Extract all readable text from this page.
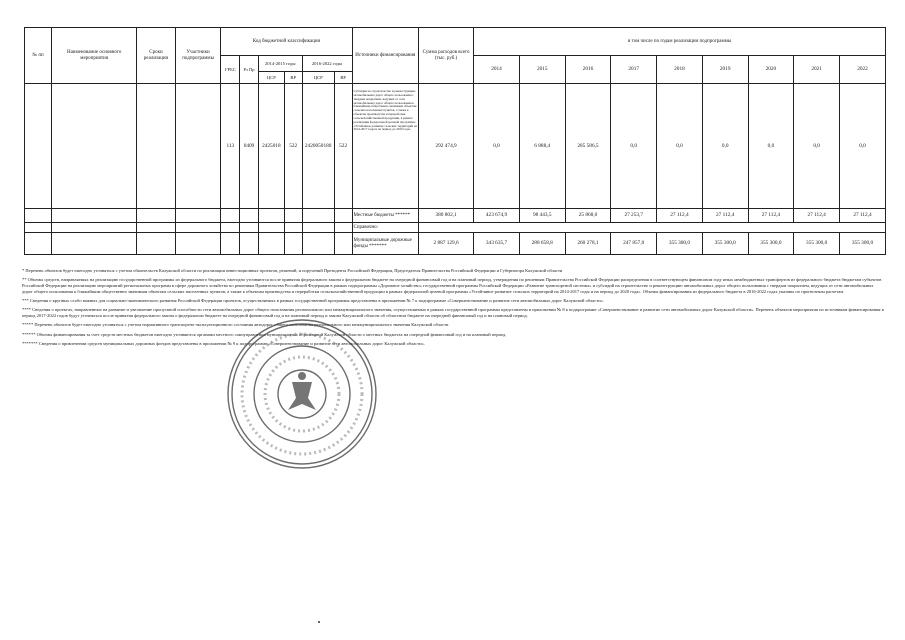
№ пп	Наименование основного мероприятия	Сроки реализации	Участники подпрограммы	Код бюджетной классификации						Источники финансирования	Сумма расходов всего (тыс. руб.)	в том числе по годам реализации подпрограммы								
				ГРБС	Рз Пр	2014-2015 годы		2016-2022 годы				2014	2015	2016	2017	2018	2019	2020	2021	2022
						ЦСР	ВР	ЦСР	ВР											
				113	0409	2425018	522	2420050180	522	Субсидии на строительство и реконструкцию автомобильных дорог общего пользования с твердым покрытием, ведущих от сети автомобильных дорог общего пользования к ближайшим общественно значимым объектам сельских населенных пунктов, а также к объектам производства и переработки сельскохозяйственной продукции, в рамках реализации федеральной целевой программы «Устойчивое развитие сельских территорий на 2014-2017 годы и на период до 2020 года»	292 474,9	0,0	6 888,4	285 586,5	0,0	0,0	0,0	0,0	0,0	0,0
										Местные бюджеты ******	380 802,1	423 674,9	98 443,5	25 868,0	27 253,7	27 112,4	27 112,4	27 112,4	27 112,4	27 112,4
										Справочно:										
										Муниципальные дорожные фонды *******	2 887 129,6	343 635,7	288 658,8	260 278,1	247 857,0	355 300,0	355 300,0	355 300,0	355 300,0	355 300,0

* Перечень объектов будет ежегодно уточняться с учетом обязательств Калужской области по реализации инвестиционных проектов, решений, и поручений Президента Российской Федерации, Председателя Правительства Российской Федерации и Губернатора Калужской области

** Объемы средств, направляемых на реализацию государственной программы из федерального бюджета, ежегодно уточняются после принятия федерального закона о федеральном бюджете на очередной финансовый год и на плановый период, утверждения по решениям Правительства Российской Федерации распределения в соответствующем финансовом году иных межбюджетных трансфертов из федерального бюджета бюджетам субъектов Российской Федерации на реализацию мероприятий региональных программ в сфере дорожного хозяйства по решениям Правительства Российской Федерации в рамках подпрограммы «Дорожное хозяйство» государственной программы Российской Федерации «Развитие транспортной системы» и субсидий на строительство и реконструкцию автомобильных дорог общего пользования с твердым покрытием, ведущих от сети автомобильных дорог общего пользования к ближайшим общественно значимым объектам сельских населенных пунктов, а также к объектам производства и переработки сельскохозяйственной продукции в рамках федеральной целевой программы «Устойчивое развитие сельских территорий на 2014-2017 годы и на период до 2020 года». Объемы финансирования из федерального бюджета в 2016-2022 годах указаны по прогнозным расчетам.

*** Сведения о крупных особо важных для социально-экономического развития Российской Федерации проектов, осуществляемых в рамках государственной программы представлены в приложении № 7 к подпрограмме «Совершенствование и развитие сети автомобильных дорог Калужской области».

**** Сведения о проектах, направленных на развитие и увеличение пропускной способности сети автомобильных дорог общего пользования регионального или межмуниципального значения, осуществляемых в рамках государственной программы представлены в приложении № 8 к подпрограмме «Совершенствование и развитие сети автомобильных дорог Калужской области». Перечень объектов мероприятия по источникам финансирования в период 2017-2022 годов будут уточняться после принятия федерального закона о федеральном бюджете на очередной финансовый год и на плановый период и закона Калужской области об областном бюджете на очередной финансовый год и на плановый период.

***** Перечень объектов будет ежегодно уточняться с учетом нормативного транспортно-эксплуатационного состояния автодорог общего пользования регионального или межмуниципального значения Калужской области

****** Объемы финансирования за счет средств местных бюджетов ежегодно уточняются органами местного самоуправления муниципальных образований Калужской области о местных бюджетах на очередной финансовый год и на плановый период.

******* Сведения о привлечении средств муниципальных дорожных фондов представлены в приложении № 9 к подпрограмме «Совершенствование и развитие сети автомобильных дорог Калужской области».
